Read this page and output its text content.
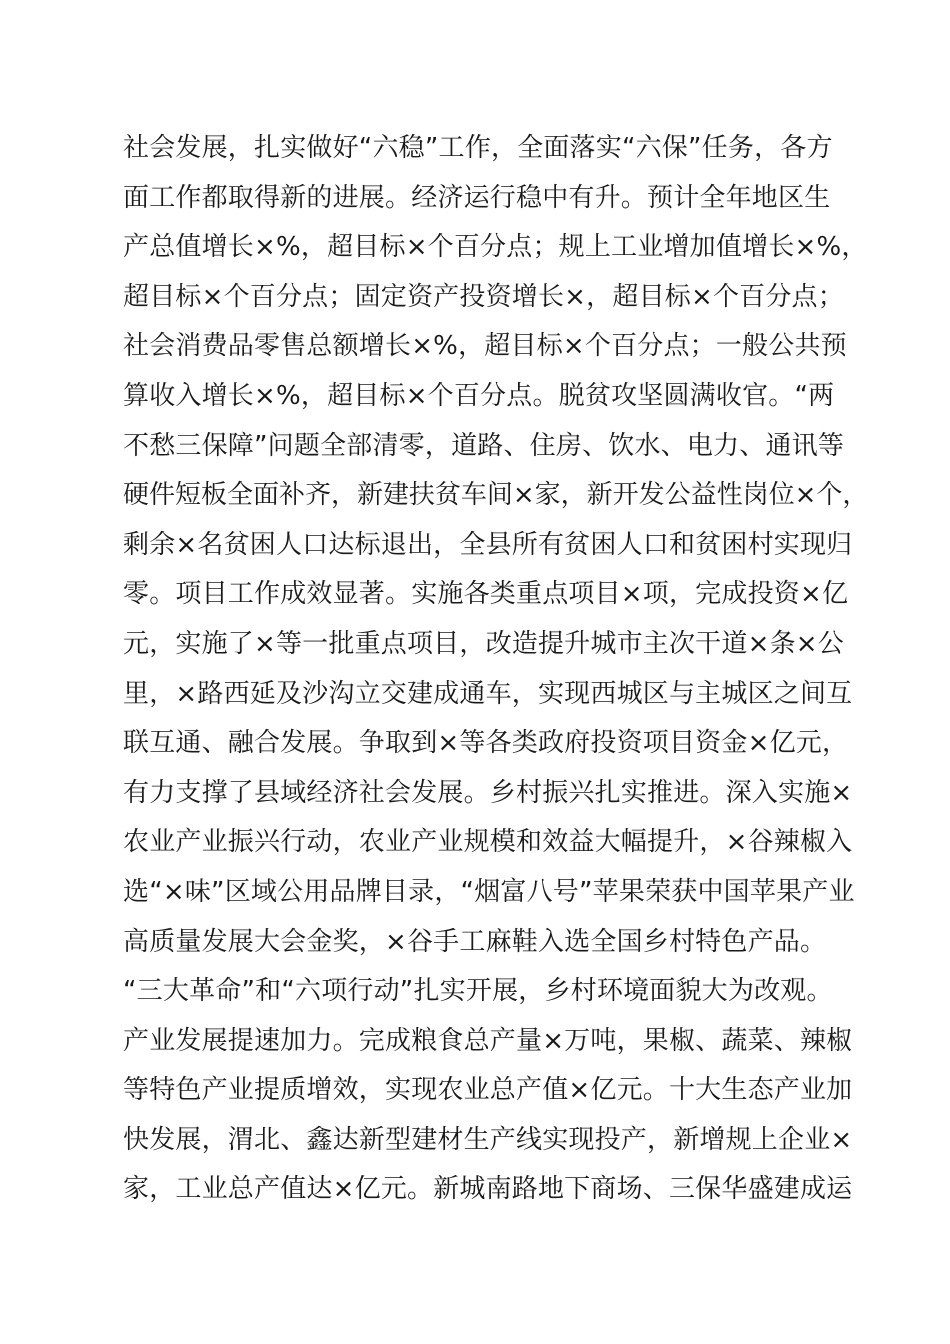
社会发展，扎实做好“六稳”工作，全面落实“六保”任务，各方
面工作都取得新的进展。经济运行稳中有升。预计全年地区生
产总值增长×%，超目标×个百分点；规上工业增加值增长×%，
超目标×个百分点；固定资产投资增长×，超目标×个百分点；
社会消费品零售总额增长×%，超目标×个百分点；一般公共预
算收入增长×%，超目标×个百分点。脱贫攻坚圆满收官。“两
不愁三保障”问题全部清零，道路、住房、饮水、电力、通讯等
硬件短板全面补齐，新建扶贫车间×家，新开发公益性岗位×个，
剩余×名贫困人口达标退出，全县所有贫困人口和贫困村实现归
零。项目工作成效显著。实施各类重点项目×项，完成投资×亿
元，实施了×等一批重点项目，改造提升城市主次干道×条×公
里，×路西延及沙沟立交建成通车，实现西城区与主城区之间互
联互通、融合发展。争取到×等各类政府投资项目资金×亿元，
有力支撑了县域经济社会发展。乡村振兴扎实推进。深入实施×
农业产业振兴行动，农业产业规模和效益大幅提升，×谷辣椒入
选“×味”区域公用品牌目录，“烟富八号”苹果荣获中国苹果产业
高质量发展大会金奖，×谷手工麻鞋入选全国乡村特色产品。
“三大革命”和“六项行动”扎实开展，乡村环境面貌大为改观。
产业发展提速加力。完成粮食总产量×万吨，果椒、蔬菜、辣椒
等特色产业提质增效，实现农业总产值×亿元。十大生态产业加
快发展，渭北、鑫达新型建材生产线实现投产，新增规上企业×
家，工业总产值达×亿元。新城南路地下商场、三保华盛建成运
